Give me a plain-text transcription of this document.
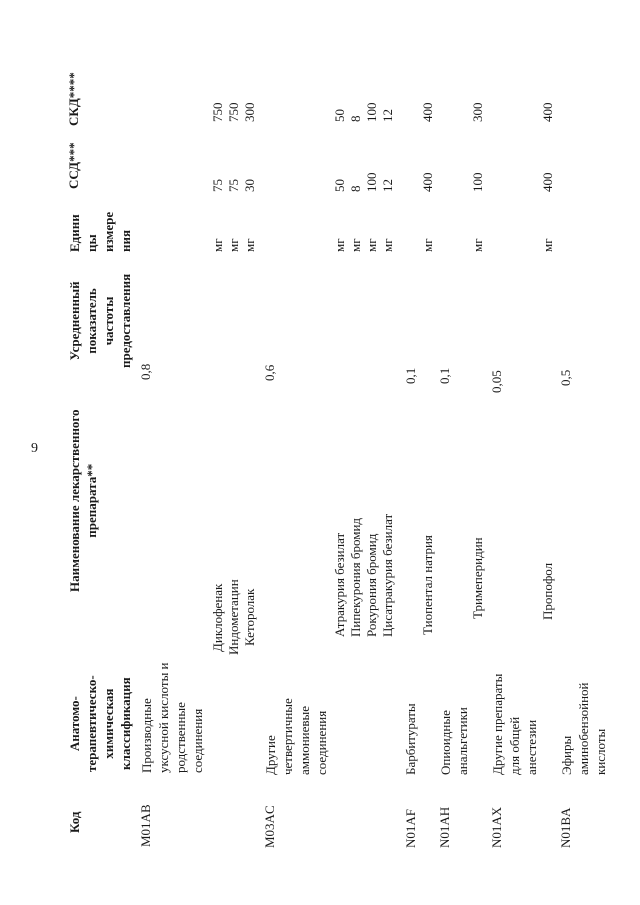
9
Код
Анатомо-
терапевтическо-
химическая
классификация
Наименование лекарственного
препарата**
Усредненный
показатель
частоты
предоставления
Едини
цы
измере
ния
ССД***
СКД****
M01AB
Производные
уксусной кислоты и
родственные
соединения
0,8
Диклофенак
мг
75
750
Индометацин
мг
75
750
Кеторолак
мг
30
300
M03AC
Другие
четвертичные
аммониевые
соединения
0,6
Атракурия безилат
мг
50
50
Пипекурония бромид
мг
8
8
Рокурония бромид
мг
100
100
Цисатракурия безилат
мг
12
12
N01AF
Барбитураты
0,1
Тиопентал натрия
мг
400
400
N01AH
Опиоидные
анальгетики
0,1
Тримеперидин
мг
100
300
N01AX
Другие препараты
для общей
анестезии
0,05
Пропофол
мг
400
400
N01BA
Эфиры
аминобензойной
кислоты
0,5
